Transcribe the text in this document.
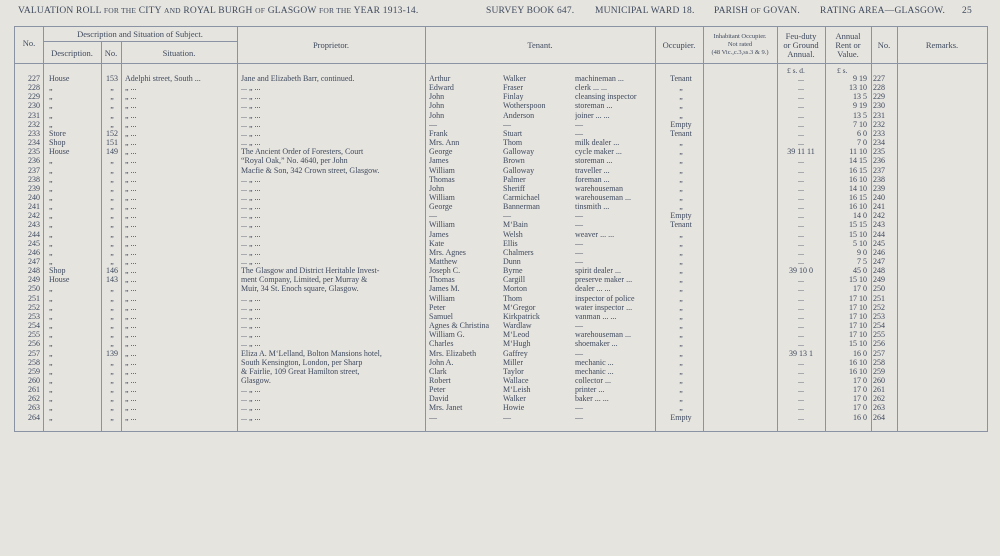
VALUATION ROLL FOR THE CITY AND ROYAL BURGH OF GLASGOW FOR THE YEAR 1913-14.	SURVEY BOOK 647. MUNICIPAL WARD 18. PARISH OF GOVAN. RATING AREA—GLASGOW. 25
No.
Description and Situation of Subject.
Description.	No.	Situation.
Proprietor.	Tenant.	Occupier.
Inhabitant Occupier.
Not rated
(48 Vic.,c.3,ss.3 & 9.)
Feu-duty
or Ground
Annual.
Annual
Rent or
Value.
No.	Remarks.
£ s. d.	£ s.
227 House	153 Adelphi street, South ...	Jane and Elizabeth Barr, continued.	Arthur	Walker	machineman ...	Tenant	...	9 19 227
228 „	„	„ ...	... „ ...	Edward	Fraser	clerk ... ...	„	...	13 10 228
229 „	„	„ ...	... „ ...	John	Finlay	cleansing inspector	„	...	13 5 229
230 „	„	„ ...	... „ ...	John	Wotherspoon	storeman ...	„	...	9 19 230
231 „	„	„ ...	... „ ...	John	Anderson	joiner ... ...	„	...	13 5 231
232 „	„	„ ...	... „ ...	—	—	—	Empty	...	7 10 232
233 Store	152 „ ...	... „ ...	Frank	Stuart	—	Tenant	...	6 0 233
234 Shop	151 „ ...	... „ ...	Mrs. Ann	Thom	milk dealer ...	„	...	7 0 234
235 House	149 „ ...	The Ancient Order of Foresters, Court	George	Galloway	cycle maker ...	„	39 11 11	11 10 235
236 „	„	„ ...	“Royal Oak,” No. 4640, per John	James	Brown	storeman ...	„	...	14 15 236
237 „	„	„ ...	Macfie & Son, 342 Crown street, Glasgow.	William	Galloway	traveller ...	„	...	16 15 237
238 „	„	„ ...	... „ ...	Thomas	Palmer	foreman ...	„	...	16 10 238
239 „	„	„ ...	... „ ...	John	Sheriff	warehouseman	„	...	14 10 239
240 „	„	„ ...	... „ ...	William	Carmichael	warehouseman ...	„	...	16 15 240
241 „	„	„ ...	... „ ...	George	Bannerman	tinsmith ...	„	...	16 10 241
242 „	„	„ ...	... „ ...	—	—	—	Empty	...	14 0 242
243 „	„	„ ...	... „ ...	William	M‘Bain	—	Tenant	...	15 15 243
244 „	„	„ ...	... „ ...	James	Welsh	weaver ... ...	„	...	15 10 244
245 „	„	„ ...	... „ ...	Kate	Ellis	—	„	...	5 10 245
246 „	„	„ ...	... „ ...	Mrs. Agnes	Chalmers	—	„	...	9 0 246
247 „	„	„ ...	... „ ...	Matthew	Dunn	—	„	...	7 5 247
248 Shop	146 „ ...	The Glasgow and District Heritable Invest-	Joseph C.	Byrne	spirit dealer ...	„	39 10 0	45 0 248
249 House	143 „ ...	ment Company, Limited, per Murray &	Thomas	Cargill	preserve maker ...	„	...	15 10 249
250 „	„	„ ...	Muir, 34 St. Enoch square, Glasgow.	James M.	Morton	dealer ... ...	„	...	17 0 250
251 „	„	„ ...	... „ ...	William	Thom	inspector of police	„	...	17 10 251
252 „	„	„ ...	... „ ...	Peter	M‘Gregor	water inspector ...	„	...	17 10 252
253 „	„	„ ...	... „ ...	Samuel	Kirkpatrick	vanman ... ...	„	...	17 10 253
254 „	„	„ ...	... „ ...	Agnes & Christina	Wardlaw	—	„	...	17 10 254
255 „	„	„ ...	... „ ...	William G.	M‘Leod	warehouseman ...	„	...	17 10 255
256 „	„	„ ...	... „ ...	Charles	M‘Hugh	shoemaker ...	„	...	15 10 256
257 „	139 „ ...	Eliza A. M‘Lelland, Bolton Mansions hotel,	Mrs. Elizabeth	Gaffrey	—	„	39 13 1	16 0 257
258 „	„	„ ...	South Kensington, London, per Sharp	John A.	Miller	mechanic ...	„	...	16 10 258
259 „	„	„ ...	& Fairlie, 109 Great Hamilton street,	Clark	Taylor	mechanic ...	„	...	16 10 259
260 „	„	„ ...	Glasgow.	Robert	Wallace	collector ...	„	...	17 0 260
261 „	„	„ ...	... „ ...	Peter	M‘Leish	printer ...	„	...	17 0 261
262 „	„	„ ...	... „ ...	David	Walker	baker ... ...	„	...	17 0 262
263 „	„	„ ...	... „ ...	Mrs. Janet	Howie	—	„	...	17 0 263
264 „	„	„ ...	... „ ...	—	—	—	Empty	...	16 0 264
